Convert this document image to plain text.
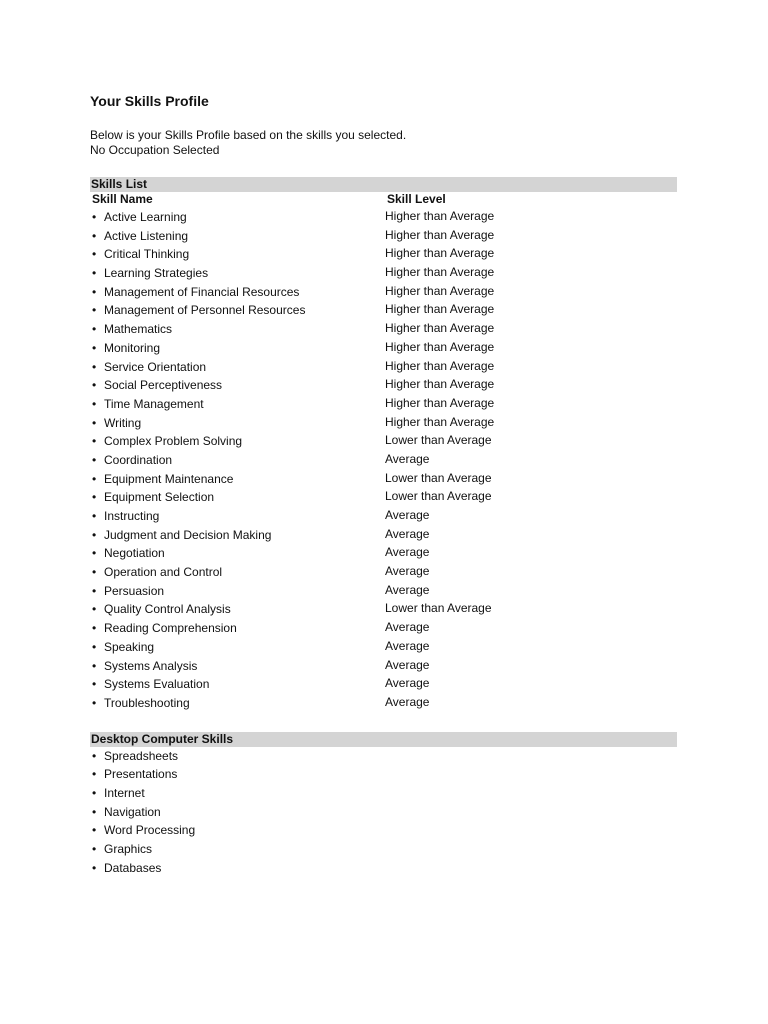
Your Skills Profile
Below is your Skills Profile based on the skills you selected.
No Occupation Selected
Skills List
Skill Name	Skill Level
• Active Learning	Higher than Average
• Active Listening	Higher than Average
• Critical Thinking	Higher than Average
• Learning Strategies	Higher than Average
• Management of Financial Resources	Higher than Average
• Management of Personnel Resources	Higher than Average
• Mathematics	Higher than Average
• Monitoring	Higher than Average
• Service Orientation	Higher than Average
• Social Perceptiveness	Higher than Average
• Time Management	Higher than Average
• Writing	Higher than Average
• Complex Problem Solving	Lower than Average
• Coordination	Average
• Equipment Maintenance	Lower than Average
• Equipment Selection	Lower than Average
• Instructing	Average
• Judgment and Decision Making	Average
• Negotiation	Average
• Operation and Control	Average
• Persuasion	Average
• Quality Control Analysis	Lower than Average
• Reading Comprehension	Average
• Speaking	Average
• Systems Analysis	Average
• Systems Evaluation	Average
• Troubleshooting	Average
Desktop Computer Skills
• Spreadsheets
• Presentations
• Internet
• Navigation
• Word Processing
• Graphics
• Databases
